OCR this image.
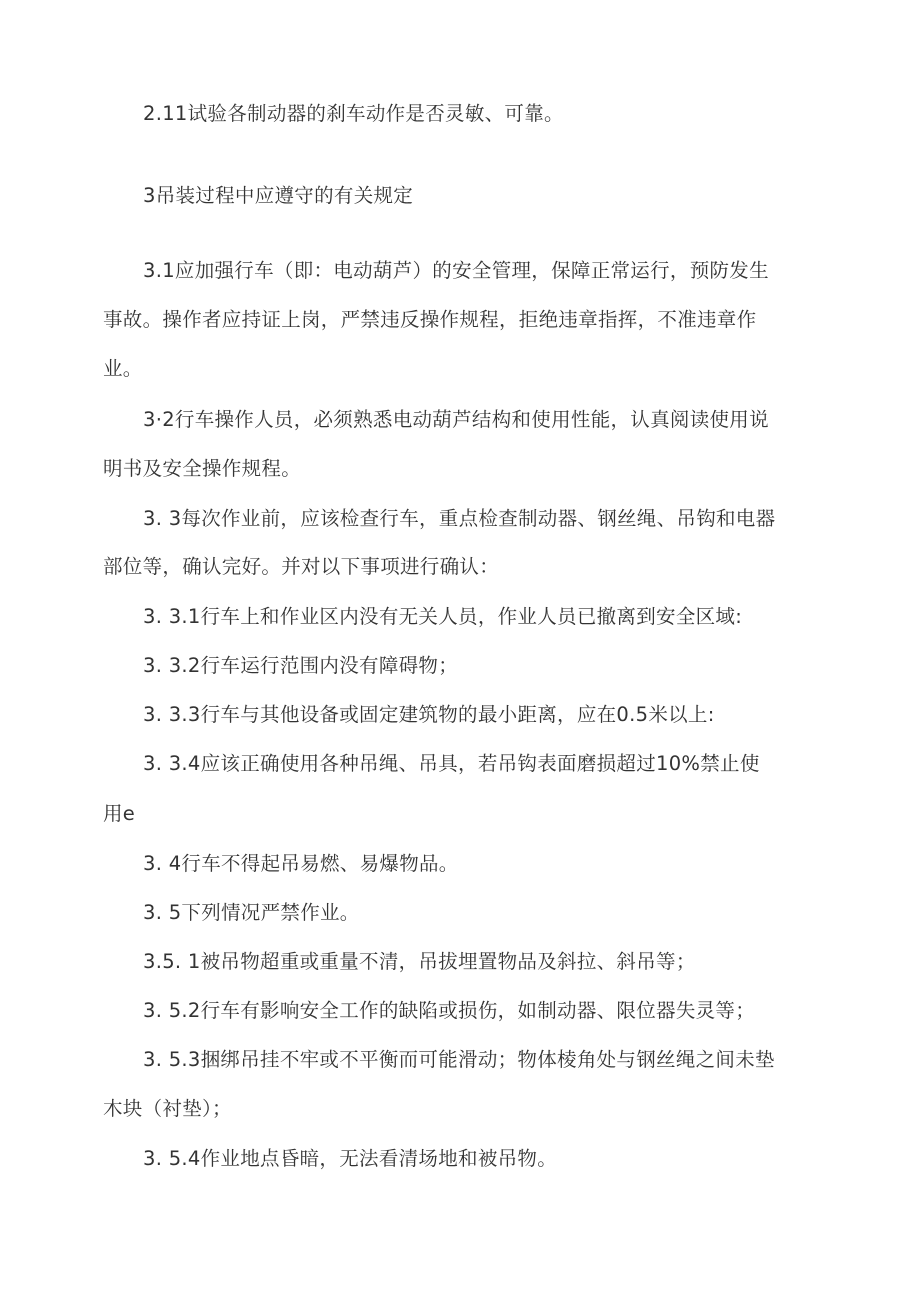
2.11试验各制动器的刹车动作是否灵敏、可靠。
3吊装过程中应遵守的有关规定
3.1应加强行车（即：电动葫芦）的安全管理，保障正常运行，预防发生
事故。操作者应持证上岗，严禁违反操作规程，拒绝违章指挥，不准违章作
业。
3·2行车操作人员，必须熟悉电动葫芦结构和使用性能，认真阅读使用说
明书及安全操作规程。
3. 3每次作业前，应该检查行车，重点检查制动器、钢丝绳、吊钩和电器
部位等，确认完好。并对以下事项进行确认：
3. 3.1行车上和作业区内没有无关人员，作业人员已撤离到安全区域:
3. 3.2行车运行范围内没有障碍物；
3. 3.3行车与其他设备或固定建筑物的最小距离，应在0.5米以上:
3. 3.4应该正确使用各种吊绳、吊具，若吊钩表面磨损超过10%禁止使
用e
3. 4行车不得起吊易燃、易爆物品。
3. 5下列情况严禁作业。
3.5. 1被吊物超重或重量不清，吊拔埋置物品及斜拉、斜吊等；
3. 5.2行车有影响安全工作的缺陷或损伤，如制动器、限位器失灵等；
3. 5.3捆绑吊挂不牢或不平衡而可能滑动；物体棱角处与钢丝绳之间未垫
木块（衬垫）；
3. 5.4作业地点昏暗，无法看清场地和被吊物。
